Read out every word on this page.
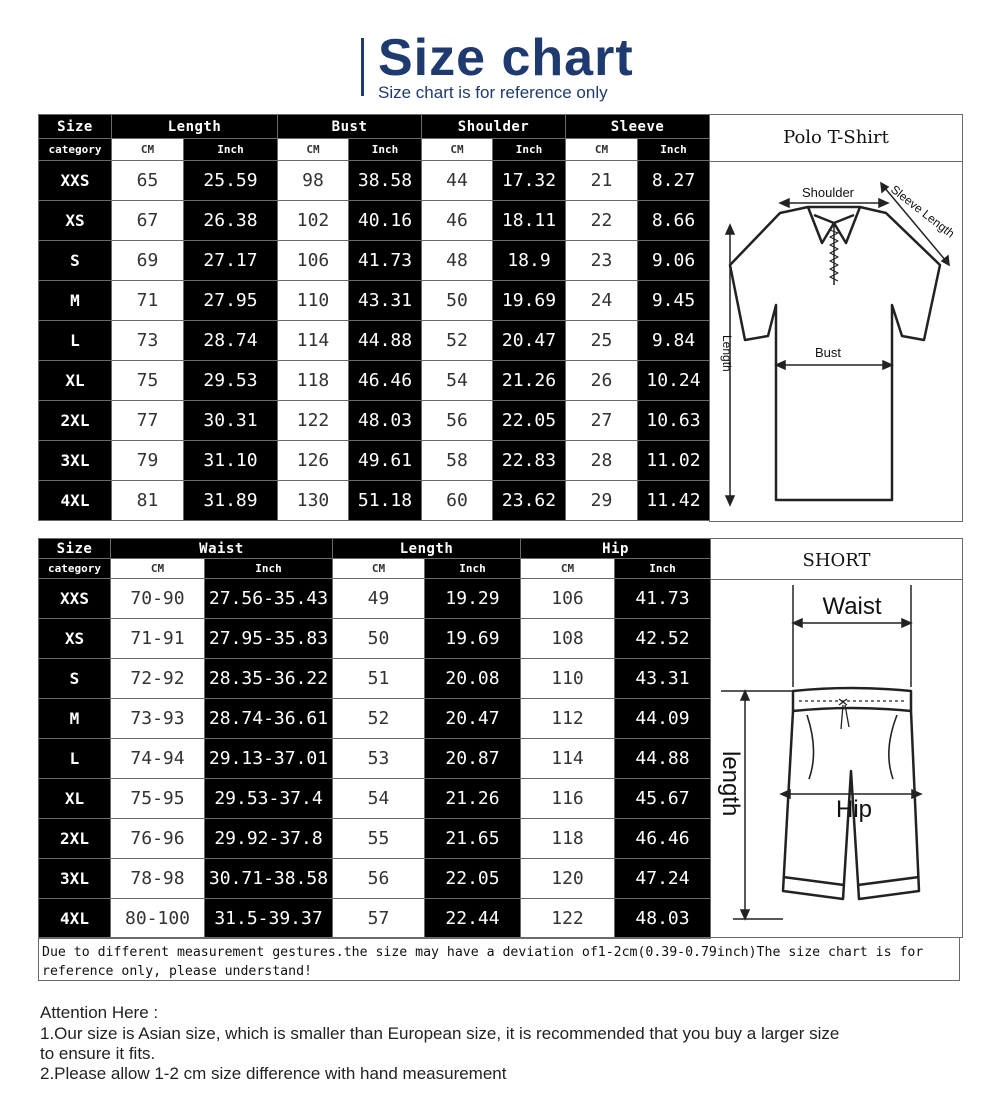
Size chart
Size chart is for reference only
Size	Length		Bust		Shoulder		Sleeve	
category	CM	Inch	CM	Inch	CM	Inch	CM	Inch
XXS	65	25.59	98	38.58	44	17.32	21	8.27
XS	67	26.38	102	40.16	46	18.11	22	8.66
S	69	27.17	106	41.73	48	18.9	23	9.06
M	71	27.95	110	43.31	50	19.69	24	9.45
L	73	28.74	114	44.88	52	20.47	25	9.84
XL	75	29.53	118	46.46	54	21.26	26	10.24
2XL	77	30.31	122	48.03	56	22.05	27	10.63
3XL	79	31.10	126	49.61	58	22.83	28	11.02
4XL	81	31.89	130	51.18	60	23.62	29	11.42
Polo T-Shirt
Shoulder	Sleeve Length
Bust
Length
Size	Waist		Length		Hip	
category	CM	Inch	CM	Inch	CM	Inch
XXS	70-90	27.56-35.43	49	19.29	106	41.73
XS	71-91	27.95-35.83	50	19.69	108	42.52
S	72-92	28.35-36.22	51	20.08	110	43.31
M	73-93	28.74-36.61	52	20.47	112	44.09
L	74-94	29.13-37.01	53	20.87	114	44.88
XL	75-95	29.53-37.4	54	21.26	116	45.67
2XL	76-96	29.92-37.8	55	21.65	118	46.46
3XL	78-98	30.71-38.58	56	22.05	120	47.24
4XL	80-100	31.5-39.37	57	22.44	122	48.03
SHORT
Waist
Hip
length
Due to different measurement gestures.the size may have a deviation of1-2cm(0.39-0.79inch)The size chart is for reference only, please understand!
Attention Here :
1.Our size is Asian size, which is smaller than European size, it is recommended that you buy a larger size
to ensure it fits.
2.Please allow 1-2 cm size difference with hand measurement
